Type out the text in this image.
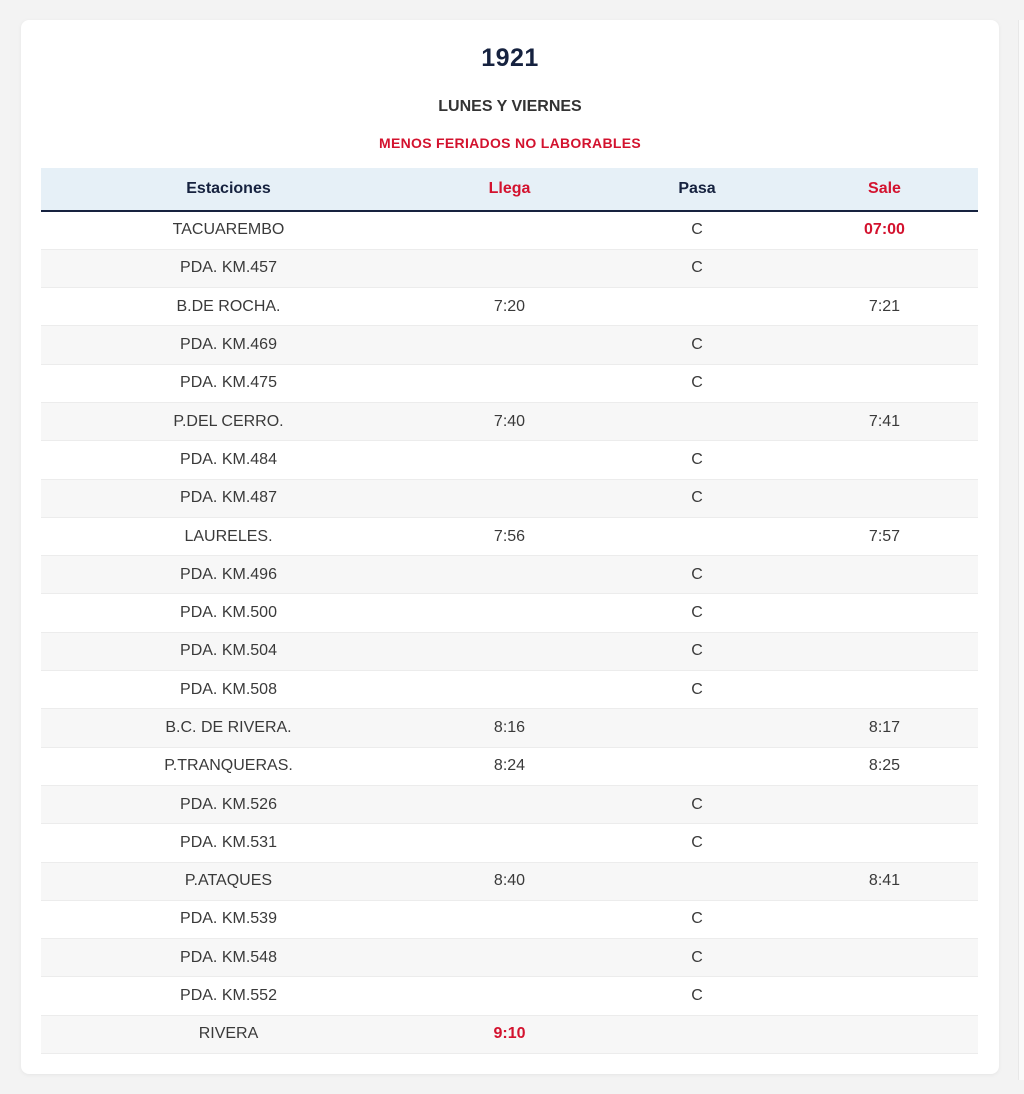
1921
LUNES Y VIERNES
MENOS FERIADOS NO LABORABLES
Estaciones	Llega	Pasa	Sale
TACUAREMBO		C	07:00
PDA. KM.457		C	
B.DE ROCHA.	7:20		7:21
PDA. KM.469		C	
PDA. KM.475		C	
P.DEL CERRO.	7:40		7:41
PDA. KM.484		C	
PDA. KM.487		C	
LAURELES.	7:56		7:57
PDA. KM.496		C	
PDA. KM.500		C	
PDA. KM.504		C	
PDA. KM.508		C	
B.C. DE RIVERA.	8:16		8:17
P.TRANQUERAS.	8:24		8:25
PDA. KM.526		C	
PDA. KM.531		C	
P.ATAQUES	8:40		8:41
PDA. KM.539		C	
PDA. KM.548		C	
PDA. KM.552		C	
RIVERA	9:10		
